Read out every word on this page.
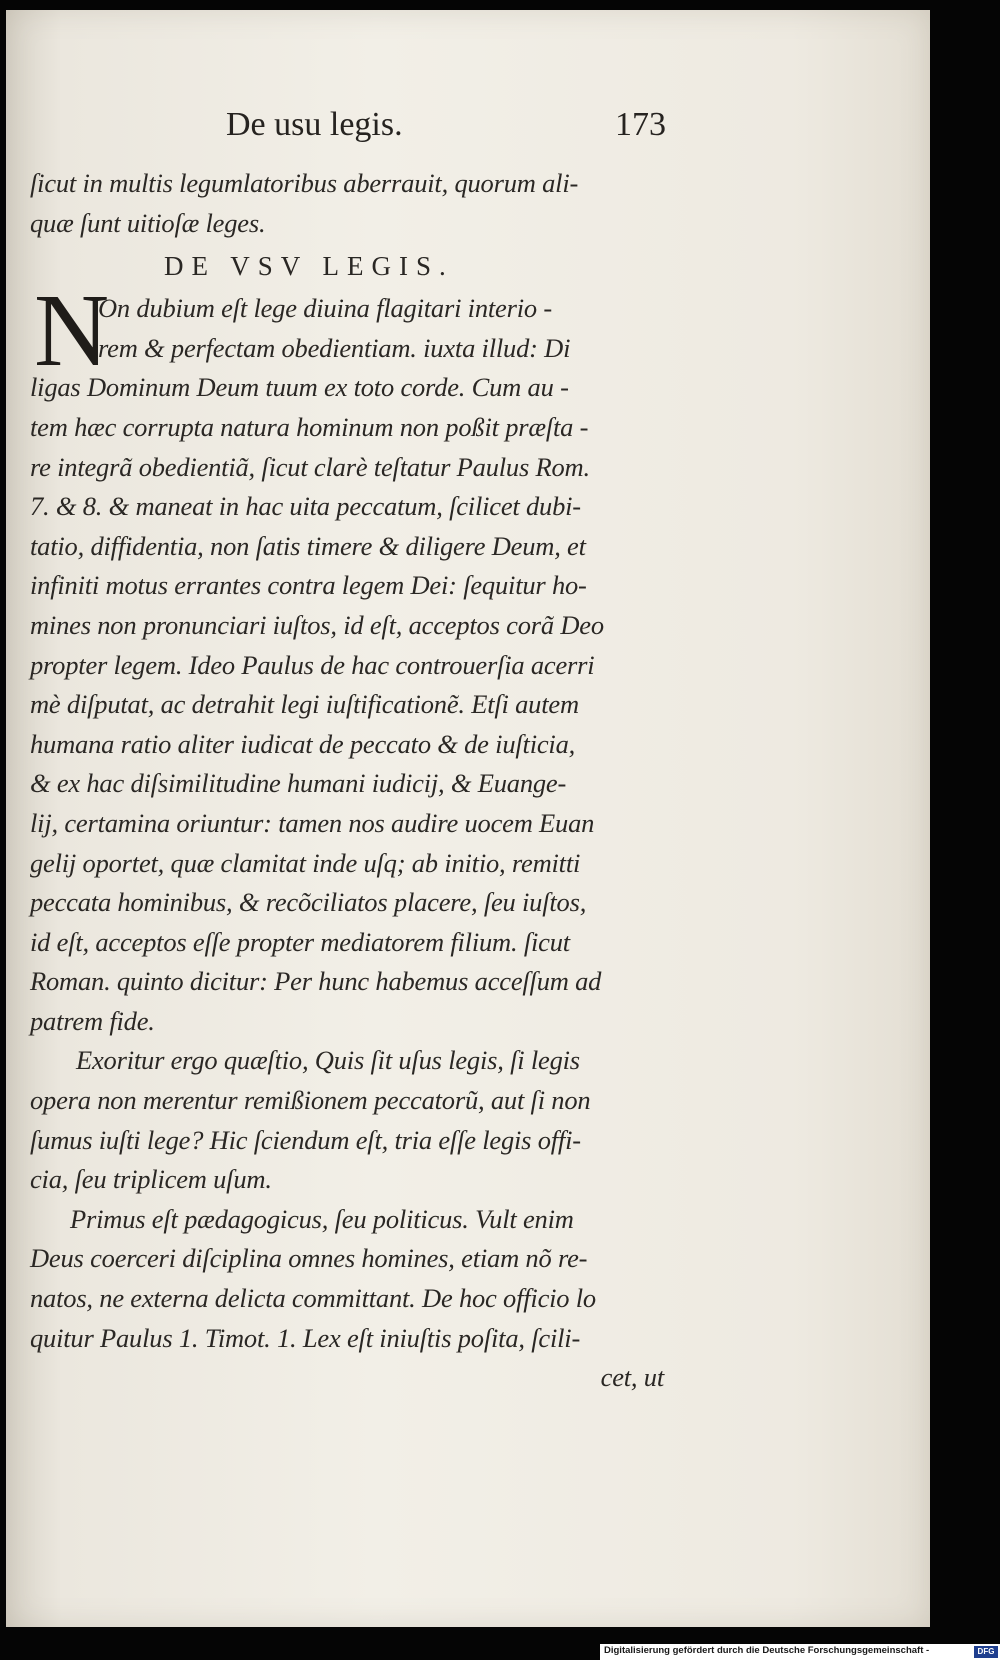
De usu legis.	173
ſicut in multis legumlatoribus aberrauit, quorum ali-
quæ ſunt uitioſæ leges.
DE VSV LEGIS.
N
On dubium eſt lege diuina flagitari interio -
rem & perfectam obedientiam. iuxta illud: Di
ligas Dominum Deum tuum ex toto corde. Cum au -
tem hæc corrupta natura hominum non poßit præſta -
re integrã obedientiã, ſicut clarè teſtatur Paulus Rom.
7. & 8. & maneat in hac uita peccatum, ſcilicet dubi-
tatio, diffidentia, non ſatis timere & diligere Deum, et
infiniti motus errantes contra legem Dei: ſequitur ho-
mines non pronunciari iuſtos, id eſt, acceptos corã Deo
propter legem. Ideo Paulus de hac controuerſia acerri
mè diſputat, ac detrahit legi iuſtificationẽ. Etſi autem
humana ratio aliter iudicat de peccato & de iuſticia,
& ex hac diſsimilitudine humani iudicij, & Euange-
lij, certamina oriuntur: tamen nos audire uocem Euan
gelij oportet, quæ clamitat inde uſq; ab initio, remitti
peccata hominibus, & recõciliatos placere, ſeu iuſtos,
id eſt, acceptos eſſe propter mediatorem filium. ſicut
Roman. quinto dicitur: Per hunc habemus acceſſum ad
patrem fide.
Exoritur ergo quæſtio, Quis ſit uſus legis, ſi legis
opera non merentur remißionem peccatorũ, aut ſi non
ſumus iuſti lege? Hic ſciendum eſt, tria eſſe legis offi-
cia, ſeu triplicem uſum.
Primus eſt pædagogicus, ſeu politicus. Vult enim
Deus coerceri diſciplina omnes homines, etiam nõ re-
natos, ne externa delicta committant. De hoc officio lo
quitur Paulus 1. Timot. 1. Lex eſt iniuſtis poſita, ſcili-
cet, ut
Digitalisierung gefördert durch die Deutsche Forschungsgemeinschaft -	DFG
